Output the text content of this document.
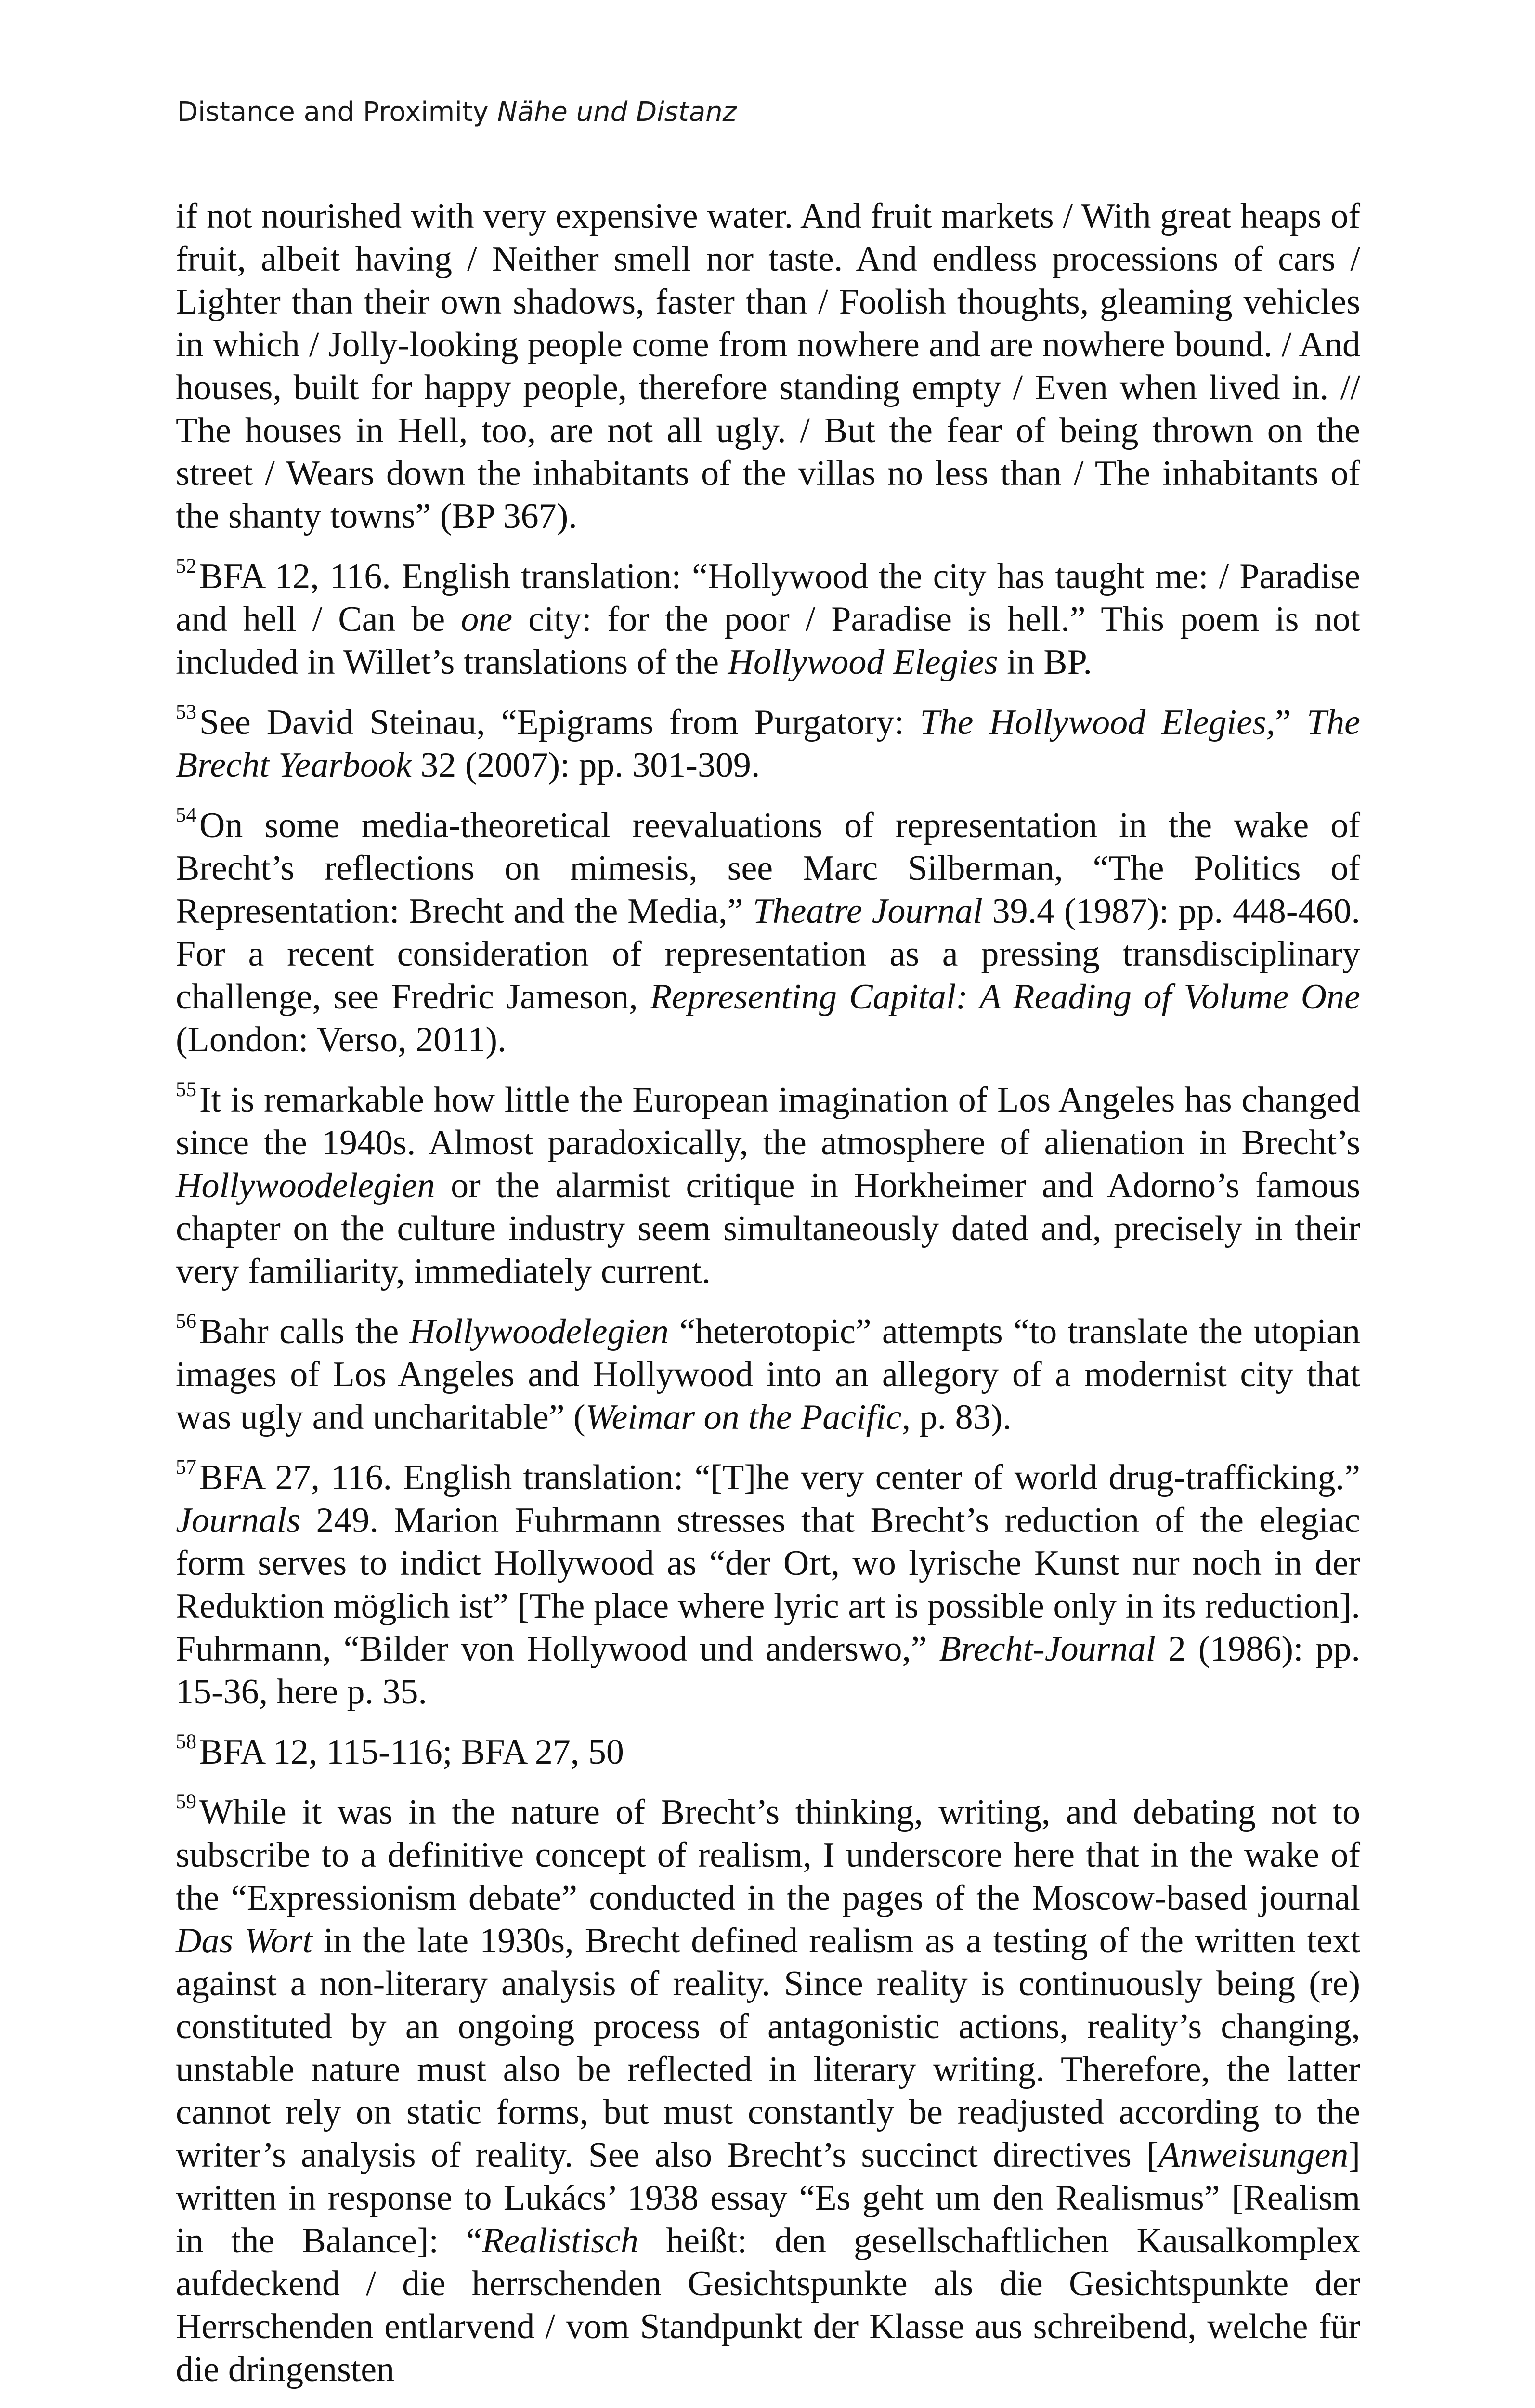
Distance and Proximity Nähe und Distanz

if not nourished with very expensive water. And fruit markets / With great heaps of fruit, albeit having / Neither smell nor taste. And endless processions of cars / Lighter than their own shadows, faster than / Foolish thoughts, gleaming vehicles in which / Jolly-looking people come from nowhere and are nowhere bound. / And houses, built for happy people, therefore standing empty / Even when lived in. // The houses in Hell, too, are not all ugly. / But the fear of being thrown on the street / Wears down the inhabitants of the villas no less than / The inhabitants of the shanty towns” (BP 367).

$^{52}$BFA 12, 116. English translation: “Hollywood the city has taught me: / Paradise and hell / Can be one city: for the poor / Paradise is hell.” This poem is not included in Willet’s translations of the Hollywood Elegies in BP.

$^{53}$See David Steinau, “Epigrams from Purgatory: The Hollywood Elegies,” The Brecht Yearbook 32 (2007): pp. 301-309.

$^{54}$On some media-theoretical reevaluations of representation in the wake of Brecht’s reflections on mimesis, see Marc Silberman, “The Politics of Representation: Brecht and the Media,” Theatre Journal 39.4 (1987): pp. 448-460. For a recent consideration of representation as a pressing transdisciplinary challenge, see Fredric Jameson, Representing Capital: A Reading of Volume One (London: Verso, 2011).

$^{55}$It is remarkable how little the European imagination of Los Angeles has changed since the 1940s. Almost paradoxically, the atmosphere of alienation in Brecht’s Hollywoodelegien or the alarmist critique in Horkheimer and Adorno’s famous chapter on the culture industry seem simultaneously dated and, precisely in their very familiarity, immediately current.

$^{56}$Bahr calls the Hollywoodelegien “heterotopic” attempts “to translate the utopian images of Los Angeles and Hollywood into an allegory of a modernist city that was ugly and uncharitable” (Weimar on the Pacific, p. 83).

$^{57}$BFA 27, 116. English translation: “[T]he very center of world drug-trafficking.” Journals 249. Marion Fuhrmann stresses that Brecht’s reduction of the elegiac form serves to indict Hollywood as “der Ort, wo lyrische Kunst nur noch in der Reduktion möglich ist” [The place where lyric art is possible only in its reduction]. Fuhrmann, “Bilder von Hollywood und anderswo,” Brecht-Journal 2 (1986): pp. 15-36, here p. 35.

$^{58}$BFA 12, 115-116; BFA 27, 50

$^{59}$While it was in the nature of Brecht’s thinking, writing, and debating not to subscribe to a definitive concept of realism, I underscore here that in the wake of the “Expressionism debate” conducted in the pages of the Moscow-based journal Das Wort in the late 1930s, Brecht defined realism as a testing of the written text against a non-literary analysis of reality. Since reality is continuously being (re) constituted by an ongoing process of antagonistic actions, reality’s changing, unstable nature must also be reflected in literary writing. Therefore, the latter cannot rely on static forms, but must constantly be readjusted according to the writer’s analysis of reality. See also Brecht’s succinct directives [Anweisungen] written in response to Lukács’ 1938 essay “Es geht um den Realismus” [Realism in the Balance]: “Realistisch heißt: den gesellschaftlichen Kausalkomplex aufdeckend / die herrschenden Gesichtspunkte als die Gesichtspunkte der Herrschenden entlarvend / vom Standpunkt der Klasse aus schreibend, welche für die dringensten
